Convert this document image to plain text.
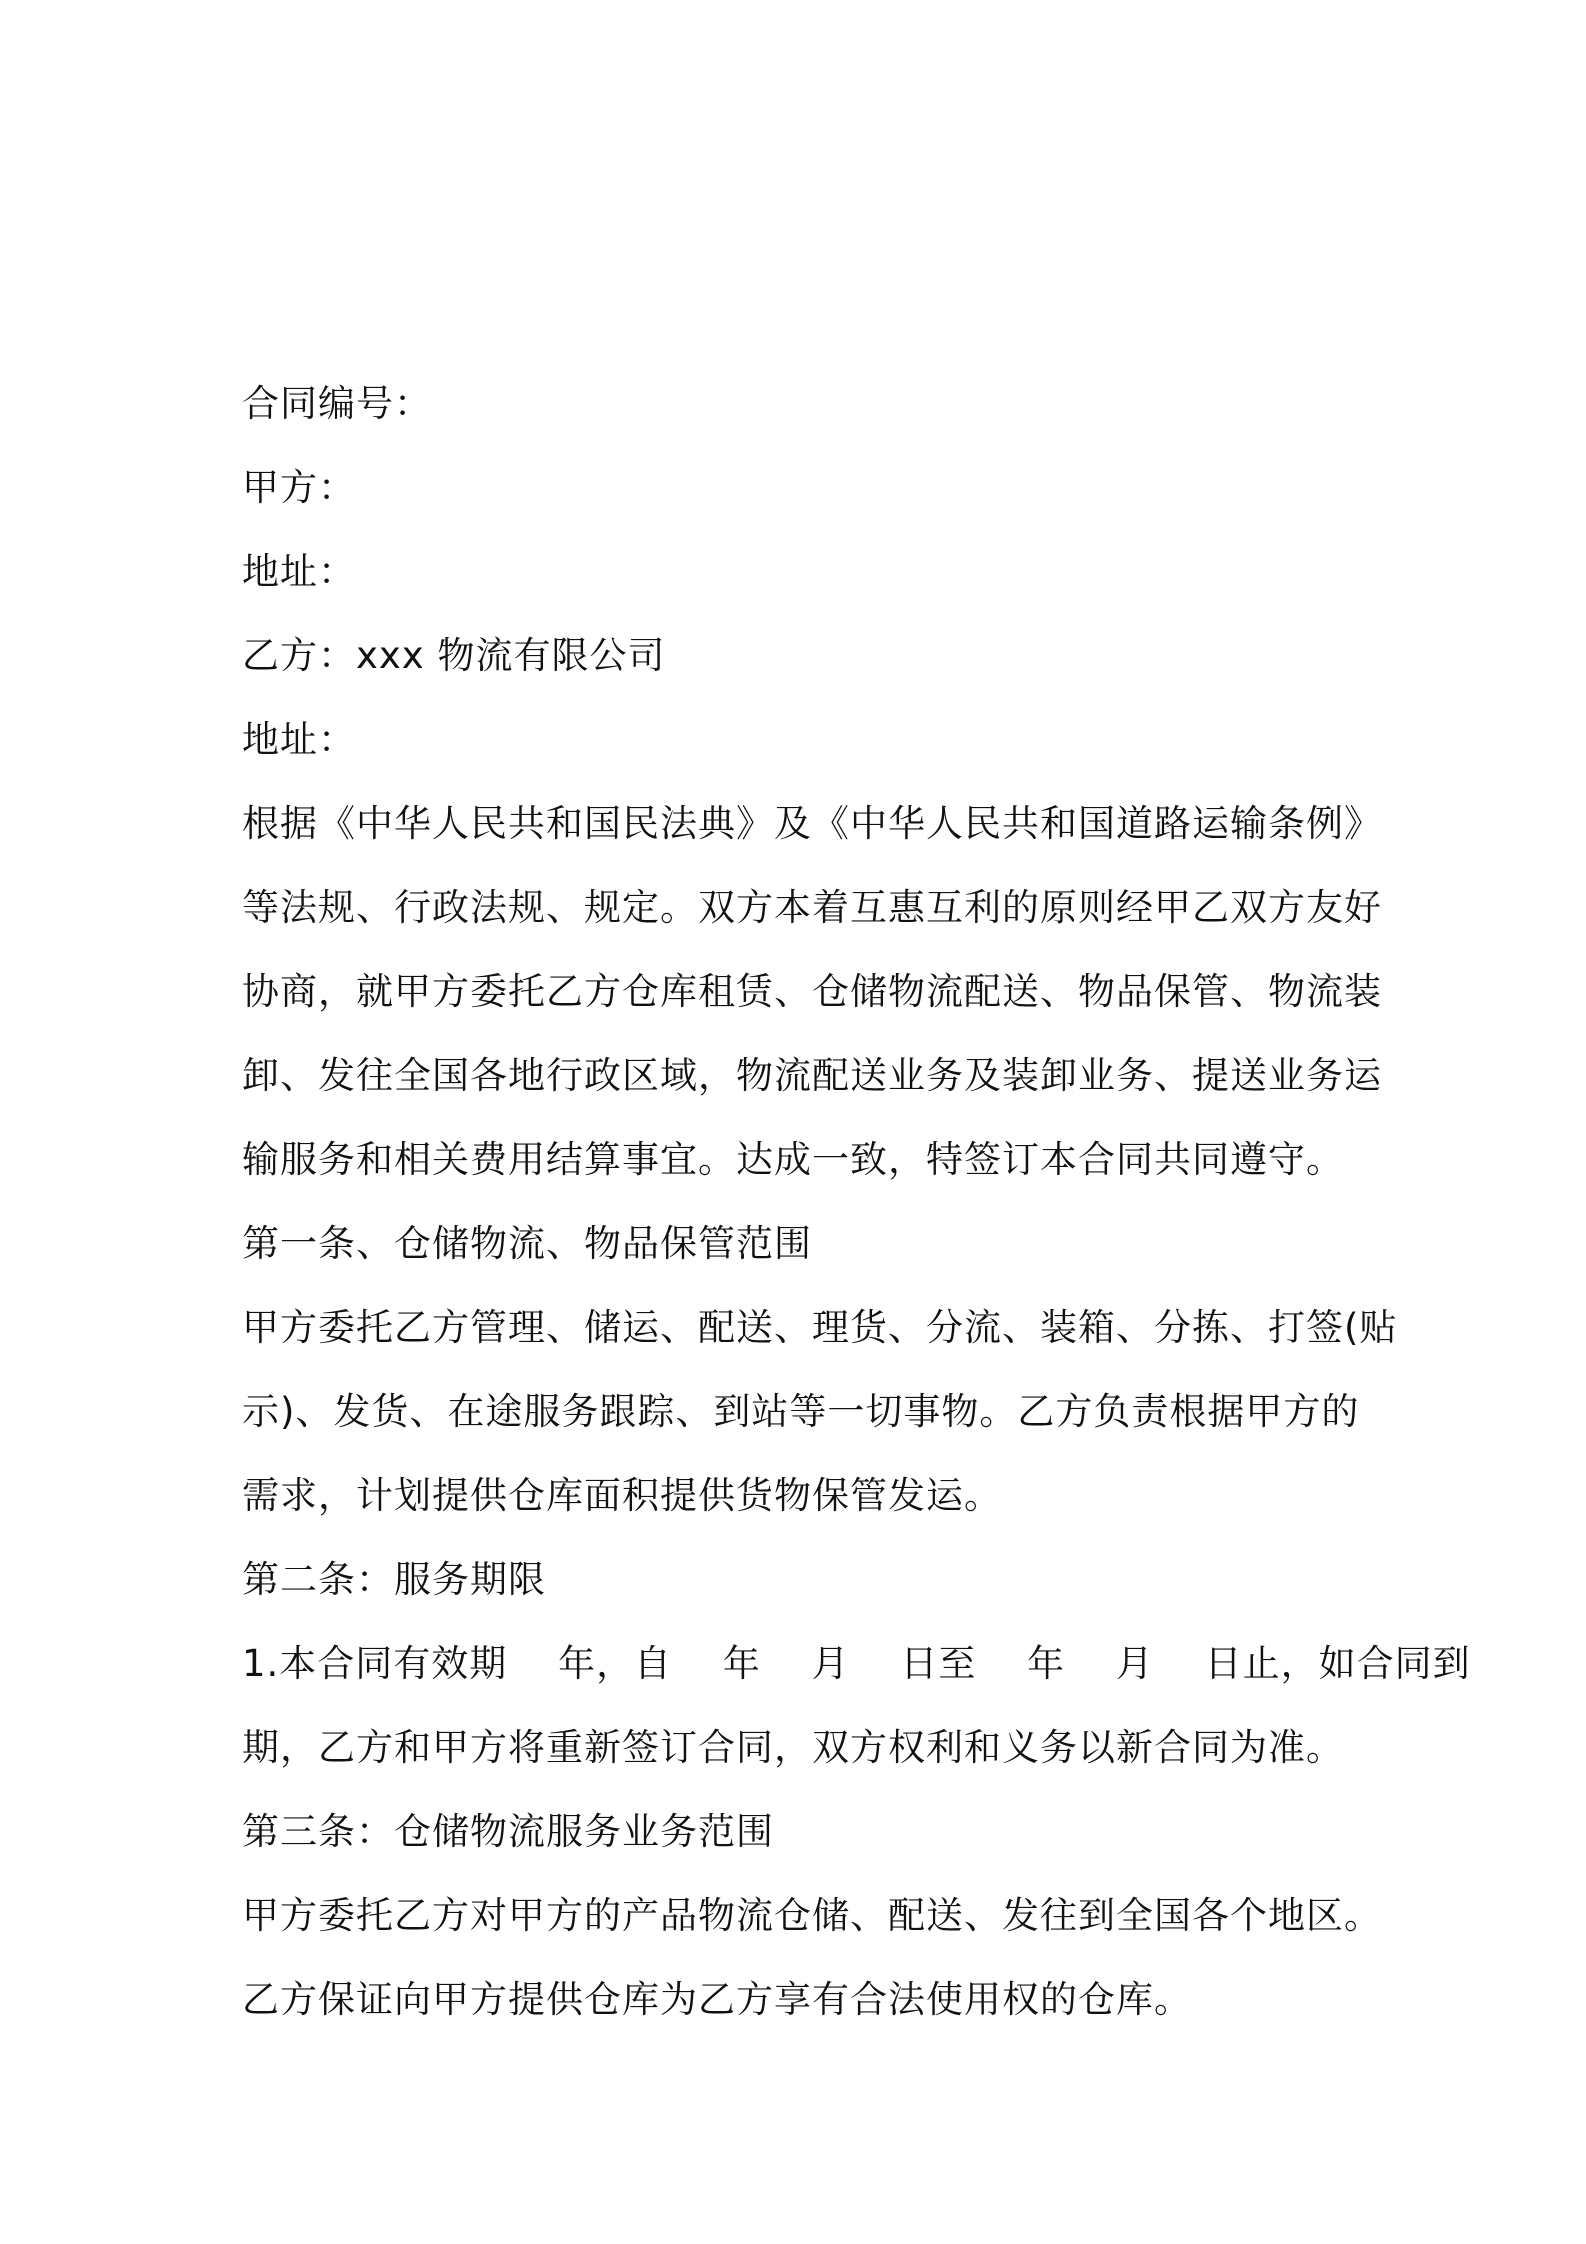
合同编号：
甲方：
地址：
乙方：xxx 物流有限公司
地址：
根据《中华人民共和国民法典》及《中华人民共和国道路运输条例》
等法规、行政法规、规定。双方本着互惠互利的原则经甲乙双方友好
协商，就甲方委托乙方仓库租赁、仓储物流配送、物品保管、物流装
卸、发往全国各地行政区域，物流配送业务及装卸业务、提送业务运
输服务和相关费用结算事宜。达成一致，特签订本合同共同遵守。
第一条、仓储物流、物品保管范围
甲方委托乙方管理、储运、配送、理货、分流、装箱、分拣、打签(贴
示)、发货、在途服务跟踪、到站等一切事物。乙方负责根据甲方的
需求，计划提供仓库面积提供货物保管发运。
第二条：服务期限
1.本合同有效期　 年，自　 年　 月　 日至　 年　 月　 日止，如合同到
期，乙方和甲方将重新签订合同，双方权利和义务以新合同为准。
第三条：仓储物流服务业务范围
甲方委托乙方对甲方的产品物流仓储、配送、发往到全国各个地区。
乙方保证向甲方提供仓库为乙方享有合法使用权的仓库。
